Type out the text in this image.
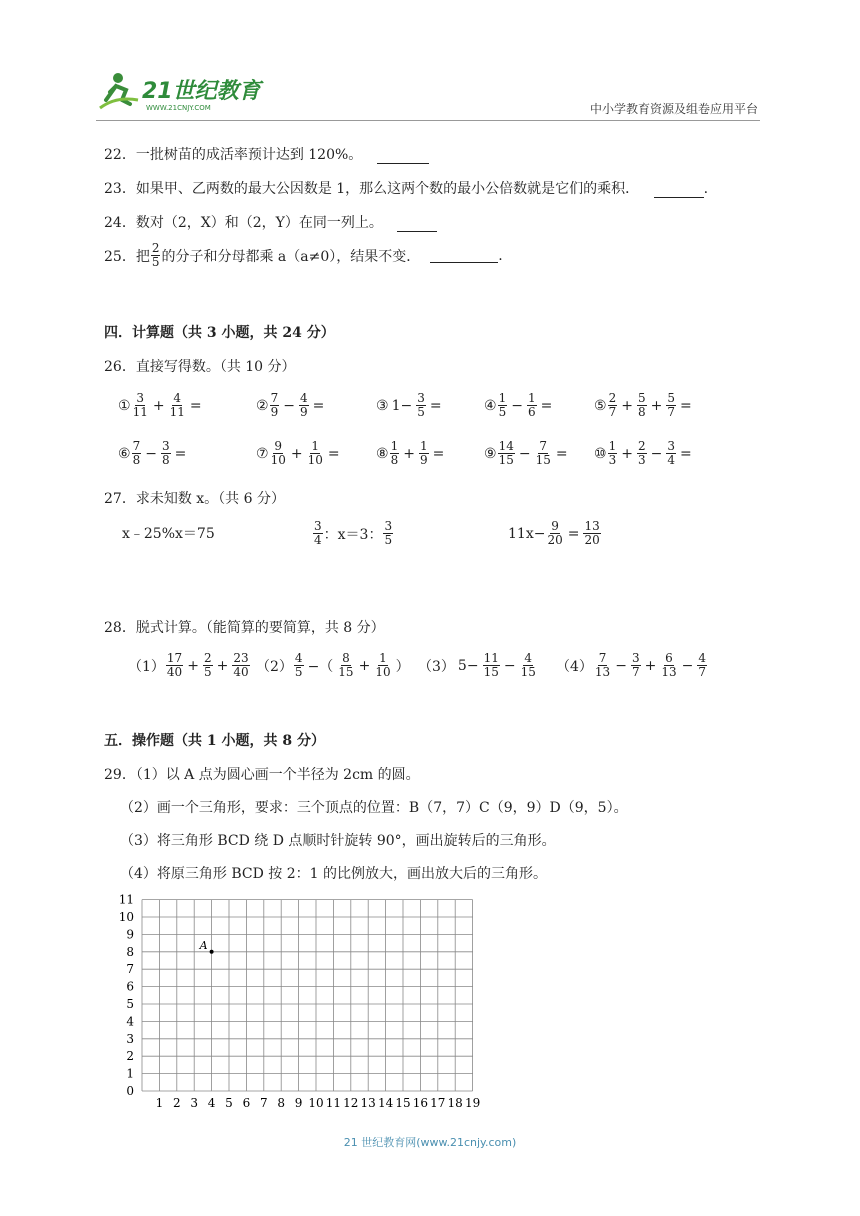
21世纪教育
WWW.21CNJY.COM	中小学教育资源及组卷应用平台
22．一批树苗的成活率预计达到 120%。
23．如果甲、乙两数的最大公因数是 1，那么这两个数的最小公倍数就是它们的乘积．	.
24．数对（2，X）和（2，Y）在同一列上。
25．把 $\frac{2}{5}$ 的分子和分母都乘 a（a≠0），结果不变．	.
四．计算题（共 3 小题，共 24 分）
26．直接写得数。（共 10 分）
① $\frac{3}{11} + \frac{4}{11}$ =	② $\frac{7}{9} - \frac{4}{9}$ =	③ $1- \frac{3}{5}$ =	④ $\frac{1}{5} - \frac{1}{6}$ =	⑤ $\frac{2}{7} + \frac{5}{8} + \frac{5}{7}$ =
⑥ $\frac{7}{8} - \frac{3}{8}$ =	⑦ $\frac{9}{10} + \frac{1}{10}$ =	⑧ $\frac{1}{8} + \frac{1}{9}$ =	⑨ $\frac{14}{15} - \frac{7}{15}$ = ⑩ $\frac{1}{3} + \frac{2}{3} - \frac{3}{4}$ =
27．求未知数 x。（共 6 分）
x﹣25%x＝75	$\frac{3}{4}$ ：x＝3： $\frac{3}{5}$	$11x- \frac{9}{20} = \frac{13}{20}$
28．脱式计算。（能简算的要简算，共 8 分）
$(1) \frac{17}{40} + \frac{2}{5} + \frac{23}{40} (2) \frac{4}{5}$ −（ $\frac{8}{15} + \frac{1}{10}$ ） （3） $5- \frac{11}{15} - \frac{4}{15} (4) \frac{7}{13} - \frac{3}{7} + \frac{6}{13} - \frac{4}{7}$
五．操作题（共 1 小题，共 8 分）
29．（1）以 A 点为圆心画一个半径为 2cm 的圆。
（2）画一个三角形，要求：三个顶点的位置：B（7，7）C（9，9）D（9，5）。
（3）将三角形 BCD 绕 D 点顺时针旋转 90°，画出旋转后的三角形。
（4）将原三角形 BCD 按 2：1 的比例放大，画出放大后的三角形。
1 2 3 4 5 6 7 8 9 10 11 12 13 14 15 16 17 18 19
0
1
2
3
4
5
6
7
8
9
10
11
A
21 世纪教育网(www.21cnjy.com)
